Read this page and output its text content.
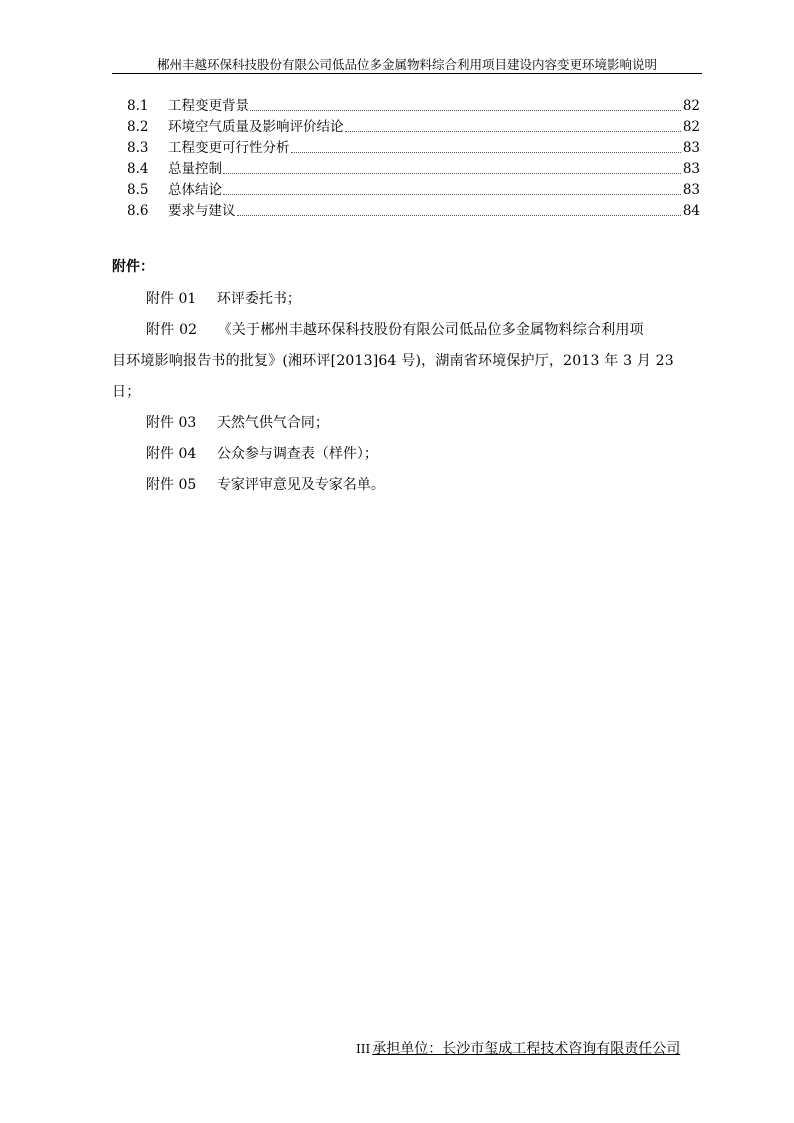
郴州丰越环保科技股份有限公司低品位多金属物料综合利用项目建设内容变更环境影响说明
8.1	工程变更背景	82
8.2	环境空气质量及影响评价结论	82
8.3	工程变更可行性分析	83
8.4	总量控制	83
8.5	总体结论	83
8.6	要求与建议	84
附件：
附件 01 环评委托书；
附件 02 《关于郴州丰越环保科技股份有限公司低品位多金属物料综合利用项
目环境影响报告书的批复》(湘环评[2013]64 号)，湖南省环境保护厅，2013 年 3 月 23
日；
附件 03 天然气供气合同；
附件 04 公众参与调查表（样件）；
附件 05 专家评审意见及专家名单。
III 承担单位：长沙市玺成工程技术咨询有限责任公司
